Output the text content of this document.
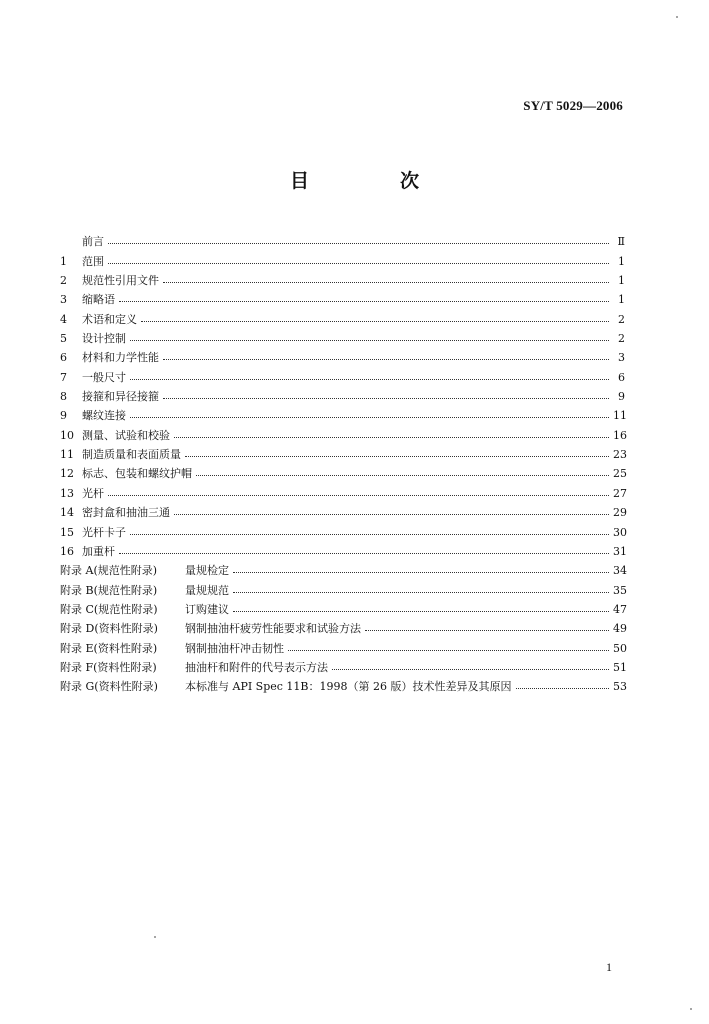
SY/T 5029—2006
目　次
前言	Ⅱ
1	范围	1
2	规范性引用文件	1
3	缩略语	1
4	术语和定义	2
5	设计控制	2
6	材料和力学性能	3
7	一般尺寸	6
8	接箍和异径接箍	9
9	螺纹连接	11
10 测量、试验和校验	16
11 制造质量和表面质量	23
12 标志、包装和螺纹护帽	25
13 光杆	27
14 密封盒和抽油三通	29
15 光杆卡子	30
16 加重杆	31
附录 A(规范性附录)	量规检定	34
附录 B(规范性附录)	量规规范	35
附录 C(规范性附录)	订购建议	47
附录 D(资料性附录)	钢制抽油杆疲劳性能要求和试验方法	49
附录 E(资料性附录)	钢制抽油杆冲击韧性	50
附录 F(资料性附录)	抽油杆和附件的代号表示方法	51
附录 G(资料性附录)	本标准与 API Spec 11B：1998（第 26 版）技术性差异及其原因	53
1
